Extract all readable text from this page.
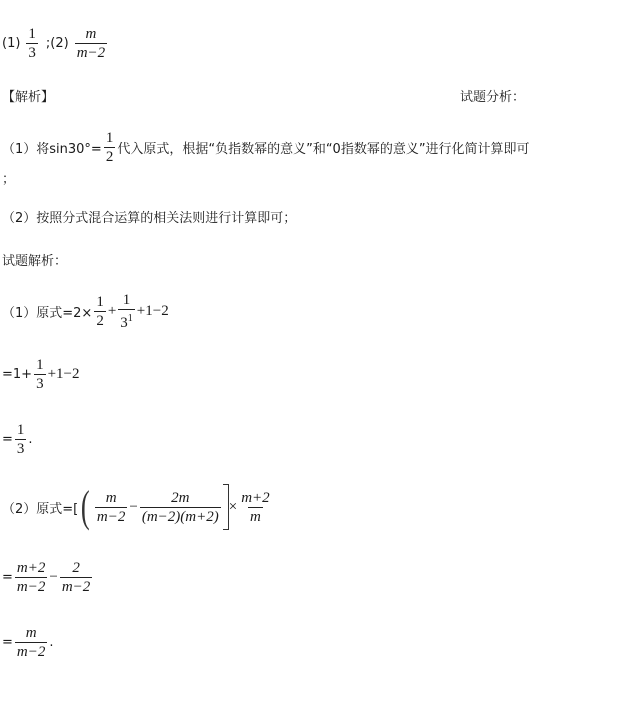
$(1) \frac{1}{3}$ ;(2) $\frac{m}{m-2}$
【解析】	试题分析：
（1）将$\sin 30^\circ= \frac{1}{2}$ 代入原式，根据“负指数幂的意义”和“0指数幂的意义”进行化简计算即可
；
（2）按照分式混合运算的相关法则进行计算即可；
试题解析：
（1）原式$=2\times \frac{1}{2} + \frac{1}{3^1} +1-2$
$=1+ \frac{1}{3} +1-2$
= $\frac{1}{3}$ .
（2）原式=[ ( $\frac{m}{m-2} - \frac{2m}{(m-2)(m+2)} \times \frac{m+2}{m}$
= $\frac{m+2}{m-2} - \frac{2}{m-2}$
= $\frac{m}{m-2}$ .
